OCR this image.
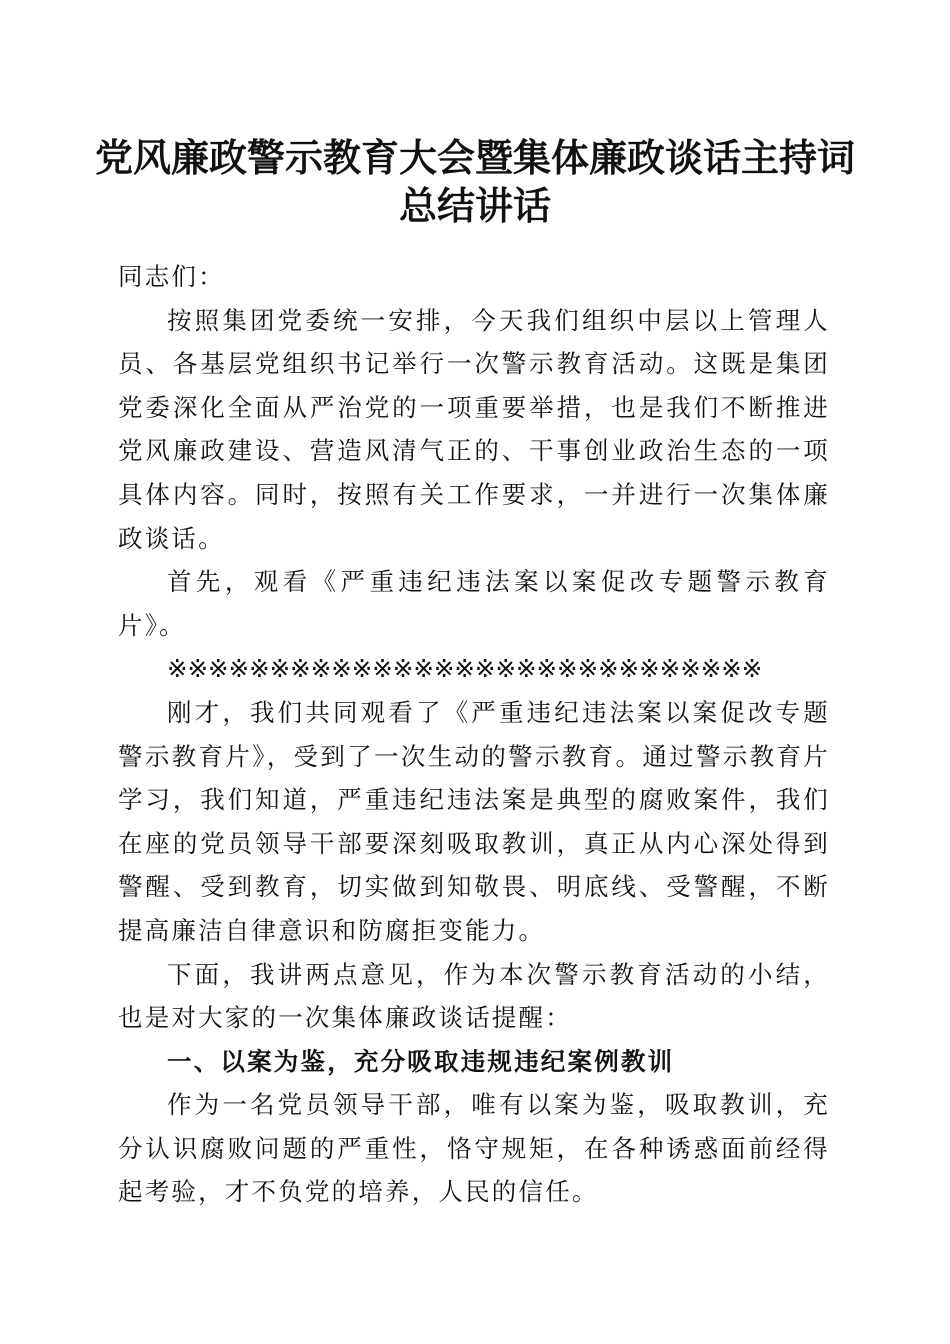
党风廉政警示教育大会暨集体廉政谈话主持词
总结讲话

同志们：

按照集团党委统一安排，今天我们组织中层以上管理人员、各基层党组织书记举行一次警示教育活动。这既是集团党委深化全面从严治党的一项重要举措，也是我们不断推进党风廉政建设、营造风清气正的、干事创业政治生态的一项具体内容。同时，按照有关工作要求，一并进行一次集体廉政谈话。

首先，观看《严重违纪违法案以案促改专题警示教育片》。

※※※※※※※※※※※※※※※※※※※※※※※※※※※※※

刚才，我们共同观看了《严重违纪违法案以案促改专题警示教育片》，受到了一次生动的警示教育。通过警示教育片学习，我们知道，严重违纪违法案是典型的腐败案件，我们在座的党员领导干部要深刻吸取教训，真正从内心深处得到警醒、受到教育，切实做到知敬畏、明底线、受警醒，不断提高廉洁自律意识和防腐拒变能力。

下面，我讲两点意见，作为本次警示教育活动的小结，也是对大家的一次集体廉政谈话提醒：

一、以案为鉴，充分吸取违规违纪案例教训

作为一名党员领导干部，唯有以案为鉴，吸取教训，充分认识腐败问题的严重性，恪守规矩，在各种诱惑面前经得起考验，才不负党的培养，人民的信任。
